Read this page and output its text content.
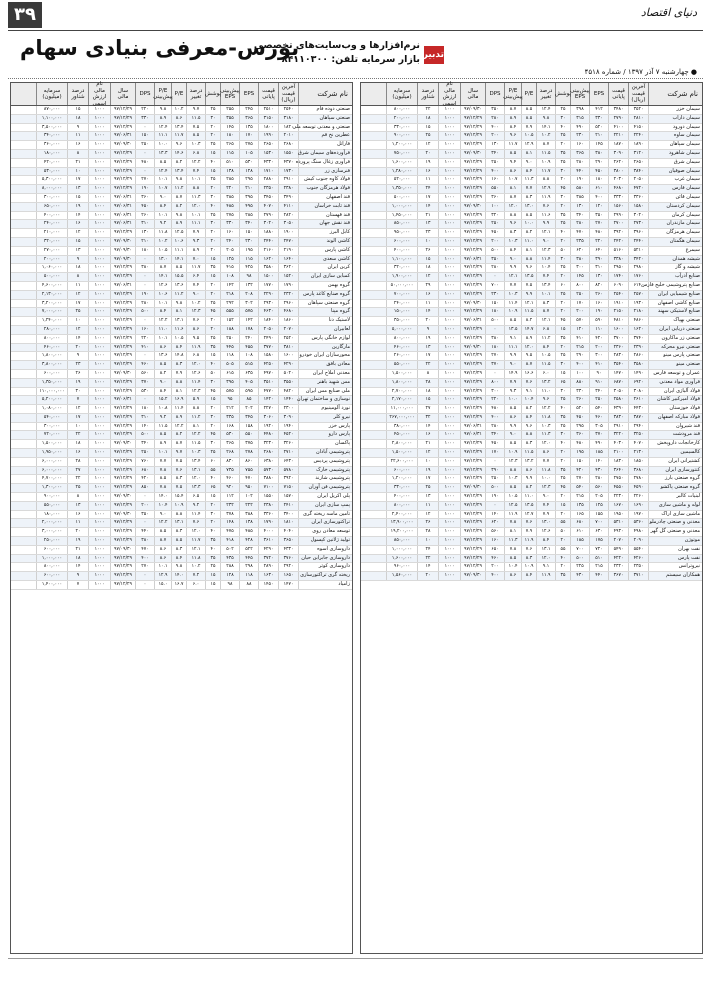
۳۹	دنیای اقتصاد
بورس-معرفی بنیادی سهام	تدبیر
نرم‌افزارها و وب‌سایت‌های تخصصی
بازار سرمایه تلفن: ۸۴۱۱۰۳۰۰
● چهارشنبه ۷ آذر ۱۳۹۷ / شماره ۴۵۱۸
نام شرکت
آخرین قیمت (ریال)
قیمت پایانی
EPS
پیش‌بینی EPS
پوشش
درصد تغییر
P/E
P/E پیش‌بینی
DPS
سال مالی
نام مالی ارزش اسمی
درصد شناور
سرمایه (میلیون)
سیمان خزر
۳۵۲۰
۳۴۸۰
۴۱۲
۳۹۸
۲۵
۱۲.۴
۸.۵
۸.۷
۳۵۰
۹۷/۰۹/۳۰
۱۰۰۰
۲۲
۸۰۰,۰۰۰
سیمان داراب
۲۸۱۰
۲۷۹۰
۳۳۰
۳۱۵
۳۰
۹.۸
۸.۵
۸.۹
۲۸۰
۹۷/۱۲/۲۹
۱۰۰۰
۱۸
۲۰۰,۰۰۰
سیمان دورود
۴۱۵۰
۴۱۰۰
۵۲۰
۴۹۰
۴۰
۱۴.۱
۷.۹
۸.۴
۴۰۰
۹۷/۱۲/۲۹
۱۰۰۰
۱۵
۳۳۰,۰۰۰
سیمان ساوه
۲۲۴۰
۲۲۱۰
۲۱۰
۲۳۰
۲۵
۱۰.۲
۱۰.۵
۹.۶
۲۰۰
۹۷/۱۲/۲۹
۱۰۰۰
۲۵
۹۰۰,۰۰۰
سیمان سپاهان
۱۸۹۰
۱۸۷۰
۱۴۵
۱۶۰
۲۰
۸.۷
۱۲.۹
۱۱.۷
۱۳۰
۹۷/۱۲/۲۹
۱۰۰۰
۱۲
۱,۲۰۰,۰۰۰
سیمان شاهرود
۳۱۲۰
۳۰۹۰
۳۸۰
۳۶۵
۳۵
۱۱.۵
۸.۱
۸.۵
۳۴۰
۹۷/۰۹/۳۰
۱۰۰۰
۲۰
۷۵۰,۰۰۰
سیمان شرق
۲۶۵۰
۲۶۲۰
۲۹۰
۲۸۰
۲۵
۱۰.۹
۹.۰
۹.۴
۲۵۰
۹۷/۱۲/۲۹
۱۰۰۰
۱۹
۱,۶۰۰,۰۰۰
سیمان صوفیان
۳۸۴۰
۳۸۰۰
۴۵۰
۴۴۰
۳۰
۱۱.۷
۸.۴
۸.۶
۴۰۰
۹۷/۱۲/۲۹
۱۰۰۰
۱۶
۱,۲۸۰,۰۰۰
سیمان غرب
۲۰۵۰
۲۰۳۰
۱۸۰
۱۹۰
۲۰
۸.۸
۱۱.۳
۱۰.۷
۱۶۰
۹۷/۱۲/۲۹
۱۰۰۰
۱۱
۵۲۰,۰۰۰
سیمان فارس
۴۷۲۰
۴۶۸۰
۶۱۰
۵۸۰
۴۵
۱۲.۹
۷.۷
۸.۱
۵۵۰
۹۷/۱۲/۲۹
۱۰۰۰
۲۴
۱,۳۵۰,۰۰۰
سیمان قائن
۳۳۶۰
۳۳۳۰
۴۰۰
۳۸۵
۳۰
۱۱.۹
۸.۳
۸.۷
۳۶۰
۹۷/۱۲/۲۹
۱۰۰۰
۱۷
۵۰۰,۰۰۰
سیمان کردستان
۱۵۸۰
۱۵۶۰
۱۲۰
۱۳۰
۲۰
۷.۶
۱۳.۰
۱۲.۰
۱۰۰
۹۷/۰۹/۳۰
۱۰۰۰
۱۴
۱,۰۰۰,۰۰۰
سیمان کرمان
۳۰۲۰
۲۹۹۰
۳۵۰
۳۴۰
۳۵
۱۱.۶
۸.۵
۸.۸
۳۲۰
۹۷/۱۲/۲۹
۱۰۰۰
۲۱
۱,۴۵۰,۰۰۰
سیمان مازندران
۲۷۳۰
۲۷۰۰
۲۷۰
۲۸۰
۲۵
۹.۹
۱۰.۰
۹.۶
۲۵۰
۹۷/۱۲/۲۹
۱۰۰۰
۱۳
۸۵۰,۰۰۰
سیمان هرمزگان
۳۹۶۰
۳۹۲۰
۴۸۰
۴۷۰
۴۰
۱۲.۱
۸.۲
۸.۳
۴۵۰
۹۷/۱۲/۲۹
۱۰۰۰
۲۳
۹۵۰,۰۰۰
سیمان هگمتان
۲۴۴۰
۲۴۲۰
۲۲۰
۲۳۵
۲۰
۹.۰
۱۱.۰
۱۰.۳
۲۰۰
۹۷/۱۲/۲۹
۱۰۰۰
۱۰
۶۰۰,۰۰۰
سیمرغ
۵۲۱۰
۵۱۶۰
۶۴۰
۶۲۰
۵۰
۱۲.۳
۸.۱
۸.۴
۵۰۰
۹۷/۱۲/۲۹
۱۰۰۰
۲۶
۴۰۰,۰۰۰
شیشه همدان
۳۴۲۰
۳۳۸۰
۳۹۰
۳۸۰
۳۰
۱۱.۴
۸.۸
۹.۰
۳۵۰
۹۷/۰۶/۳۱
۱۰۰۰
۱۵
۱,۱۰۰,۰۰۰
شیشه و گاز
۲۹۸۰
۲۹۵۰
۳۱۰
۳۰۰
۲۵
۱۰.۴
۹.۶
۹.۹
۲۸۰
۹۷/۱۲/۲۹
۱۰۰۰
۱۸
۳۲۰,۰۰۰
صنایع آذرآب
۱۷۶۰
۱۷۴۰
۱۳۰
۱۴۵
۲۰
۷.۴
۱۳.۵
۱۲.۱
۰
۹۷/۱۲/۲۹
۱۰۰۰
۱۲
۱,۹۰۰,۰۰۰
صنایع پتروشیمی خلیج فارس
۶۱۴۰
۶۰۹۰
۸۲۰
۸۰۰
۶۰
۱۳.۴
۷.۵
۷.۷
۷۰۰
۹۷/۱۲/۲۹
۱۰۰۰
۲۹
۵۰,۰۰۰,۰۰۰
صنایع شیمیایی ایران
۲۵۷۰
۲۵۴۰
۲۶۰
۲۵۰
۲۵
۱۰.۱
۹.۹
۱۰.۳
۲۳۰
۹۷/۱۲/۲۹
۱۰۰۰
۱۶
۷۰۰,۰۰۰
صنایع کاشی اصفهان
۱۹۳۰
۱۹۱۰
۱۶۰
۱۷۰
۲۰
۸.۳
۱۲.۱
۱۱.۴
۱۵۰
۹۷/۰۹/۳۰
۱۰۰۰
۱۱
۲۴۰,۰۰۰
صنایع لاستیکی سهند
۲۱۸۰
۲۱۵۰
۱۹۰
۲۰۰
۲۰
۸.۷
۱۱.۵
۱۰.۹
۱۸۰
۹۷/۱۲/۲۹
۱۰۰۰
۱۴
۱۵۰,۰۰۰
صنعتی بهپاک
۴۸۶۰
۴۸۱۰
۵۹۰
۵۷۰
۴۵
۱۲.۱
۸.۲
۸.۵
۵۰۰
۹۷/۰۶/۳۱
۱۰۰۰
۲۰
۳۵۰,۰۰۰
صنعتی دریایی ایران
۱۶۲۰
۱۶۰۰
۱۱۰
۱۲۰
۱۵
۶.۸
۱۴.۷
۱۳.۵
۰
۹۷/۱۲/۲۹
۱۰۰۰
۹
۵,۰۰۰,۰۰۰
صنعتی زر ماکارون
۳۷۴۰
۳۷۰۰
۴۲۰
۴۱۰
۳۵
۱۱.۲
۸.۹
۹.۱
۳۸۰
۹۷/۱۲/۲۹
۱۰۰۰
۱۹
۸۰۰,۰۰۰
صنعتی نیرو محرکه
۲۳۹۰
۲۳۶۰
۲۰۰
۲۱۵
۲۰
۸.۴
۱۲.۰
۱۱.۱
۱۸۰
۹۷/۰۹/۳۰
۱۰۰۰
۱۳
۴۶۰,۰۰۰
صنعتی پارس مینو
۲۸۶۰
۲۸۳۰
۳۰۰
۲۹۰
۲۵
۱۰.۵
۹.۵
۹.۹
۲۷۰
۹۷/۱۲/۲۹
۱۰۰۰
۱۷
۲۶۰,۰۰۰
صنعتی مینو
۳۵۸۰
۳۵۴۰
۴۱۰
۴۰۰
۳۰
۱۱.۵
۸.۷
۹.۰
۳۷۰
۹۷/۱۲/۲۹
۱۰۰۰
۲۲
۵۵۰,۰۰۰
عمران و توسعه فارس
۱۴۹۰
۱۴۷۰
۹۰
۱۰۰
۱۵
۶.۰
۱۶.۶
۱۴.۹
۰
۹۷/۱۲/۲۹
۱۰۰۰
۸
۱,۵۰۰,۰۰۰
فرآوری مواد معدنی
۶۹۲۰
۶۸۷۰
۹۱۰
۸۸۰
۶۵
۱۳.۲
۷.۶
۷.۹
۸۰۰
۹۷/۱۲/۲۹
۱۰۰۰
۲۸
۱,۸۰۰,۰۰۰
فولاد آلیاژی ایران
۳۰۸۰
۳۰۵۰
۳۴۰
۳۳۰
۳۰
۱۱.۰
۹.۱
۹.۳
۳۰۰
۹۷/۱۲/۲۹
۱۰۰۰
۱۸
۲,۷۰۰,۰۰۰
فولاد امیرکبیر کاشان
۲۶۱۰
۲۵۸۰
۲۵۰
۲۶۰
۲۵
۹.۶
۱۰.۴
۱۰.۰
۲۲۰
۹۷/۱۲/۲۹
۱۰۰۰
۱۵
۲,۱۷۰,۰۰۰
فولاد خوزستان
۴۴۳۰
۴۳۹۰
۵۴۰
۵۲۰
۴۰
۱۲.۲
۸.۲
۸.۵
۴۸۰
۹۷/۱۲/۲۹
۱۰۰۰
۲۷
۱۱,۰۰۰,۰۰۰
فولاد مبارکه اصفهان
۳۸۷۰
۳۸۳۰
۴۶۰
۴۵۰
۳۵
۱۱.۸
۸.۴
۸.۶
۴۰۰
۹۷/۱۲/۲۹
۱۰۰۰
۳۲
۲۶۷,۰۰۰,۰۰۰
قند شیروان
۲۹۴۰
۲۹۱۰
۳۰۵
۲۹۵
۲۵
۱۰.۳
۹.۶
۹.۹
۲۸۰
۹۷/۰۶/۳۱
۱۰۰۰
۱۴
۳۸۰,۰۰۰
قند مرودشت
۳۲۵۰
۳۲۲۰
۳۷۰
۳۶۰
۳۰
۱۱.۳
۸.۸
۹.۰
۳۴۰
۹۷/۰۶/۳۱
۱۰۰۰
۱۶
۴۵۰,۰۰۰
کارخانجات داروپخش
۴۰۷۰
۴۰۳۰
۴۹۰
۴۸۰
۴۰
۱۲.۰
۸.۳
۸.۵
۴۵۰
۹۷/۱۲/۲۹
۱۰۰۰
۲۱
۲,۸۰۰,۰۰۰
کالسیمین
۲۱۳۰
۲۱۰۰
۱۸۵
۱۹۵
۲۰
۸.۶
۱۱.۵
۱۰.۹
۱۷۰
۹۷/۱۲/۲۹
۱۰۰۰
۱۲
۱,۵۰۰,۰۰۰
کشتیرانی ایران
۱۸۵۰
۱۸۳۰
۱۴۰
۱۵۰
۲۰
۷.۷
۱۳.۲
۱۲.۳
۰
۹۷/۱۲/۲۹
۱۰۰۰
۱۰
۲۲,۶۰۰,۰۰۰
کنتورسازی ایران
۳۶۸۰
۳۶۴۰
۴۳۰
۴۲۰
۳۵
۱۱.۸
۸.۶
۸.۸
۳۹۰
۹۷/۱۲/۲۹
۱۰۰۰
۱۹
۶۰۰,۰۰۰
گروه صنعتی بارز
۲۷۸۰
۲۷۵۰
۲۸۰
۲۷۰
۲۵
۱۰.۰
۹.۹
۱۰.۳
۲۵۰
۹۷/۱۲/۲۹
۱۰۰۰
۱۷
۱,۲۰۰,۰۰۰
گروه صنعتی پاکشو
۴۵۹۰
۴۵۵۰
۵۶۰
۵۴۰
۴۵
۱۲.۳
۸.۲
۸.۵
۵۰۰
۹۷/۰۹/۳۰
۱۰۰۰
۲۵
۳۳۰,۰۰۰
لبنیات کالبر
۲۲۶۰
۲۲۳۰
۲۰۵
۲۱۵
۲۰
۹.۰
۱۱.۰
۱۰.۵
۱۹۰
۹۷/۱۲/۲۹
۱۰۰۰
۱۳
۴۰۰,۰۰۰
لوله و ماشین سازی
۱۶۹۰
۱۶۷۰
۱۲۵
۱۳۵
۱۵
۷.۴
۱۳.۵
۱۲.۵
۰
۹۷/۱۲/۲۹
۱۰۰۰
۱۱
۸۰۰,۰۰۰
ماشین سازی اراک
۱۹۷۰
۱۹۵۰
۱۵۵
۱۶۵
۲۰
۷.۹
۱۲.۷
۱۱.۹
۱۴۰
۹۷/۱۲/۲۹
۱۰۰۰
۱۲
۲,۴۰۰,۰۰۰
معدنی و صنعتی چادرملو
۵۳۶۰
۵۳۱۰
۷۰۰
۶۸۰
۵۵
۱۳.۰
۷.۶
۷.۸
۶۲۰
۹۷/۱۲/۲۹
۱۰۰۰
۲۶
۱۳,۹۰۰,۰۰۰
معدنی و صنعتی گل گهر
۴۹۸۰
۴۹۳۰
۶۳۰
۶۱۰
۵۰
۱۲.۶
۷.۹
۸.۱
۵۶۰
۹۷/۱۲/۲۹
۱۰۰۰
۲۸
۱۹,۲۰۰,۰۰۰
موتوژن
۲۰۹۰
۲۰۷۰
۱۷۵
۱۸۵
۲۰
۸.۴
۱۱.۹
۱۱.۳
۱۶۰
۹۷/۱۲/۲۹
۱۰۰۰
۱۰
۸۵۰,۰۰۰
نفت بهران
۵۵۴۰
۵۴۹۰
۷۲۰
۷۰۰
۵۵
۱۳.۱
۷.۶
۷.۸
۶۵۰
۹۷/۱۲/۲۹
۱۰۰۰
۲۴
۱,۰۰۰,۰۰۰
نفت پارس
۴۲۶۰
۴۲۲۰
۵۱۰
۵۰۰
۴۰
۱۲.۰
۸.۳
۸.۵
۴۶۰
۹۷/۱۲/۲۹
۱۰۰۰
۲۲
۱,۶۰۰,۰۰۰
نیروترانس
۲۳۵۰
۲۳۲۰
۲۱۵
۲۲۵
۲۰
۹.۱
۱۰.۹
۱۰.۴
۲۰۰
۹۷/۱۲/۲۹
۱۰۰۰
۱۴
۹۶۰,۰۰۰
همکاران سیستم
۳۷۱۰
۳۶۷۰
۴۴۰
۴۳۰
۳۵
۱۱.۹
۸.۴
۸.۶
۴۰۰
۹۷/۰۹/۳۰
۱۰۰۰
۲۰
۱,۵۶۰,۰۰۰
نام شرکت
آخرین قیمت (ریال)
قیمت پایانی
EPS
پیش‌بینی EPS
پوشش
درصد تغییر
P/E
P/E پیش‌بینی
DPS
سال مالی
نام مالی ارزش اسمی
درصد شناور
سرمایه (میلیون)
صنعتی دوده فام
۲۵۴۰
۲۵۱۰
۲۴۵
۲۵۵
۲۵
۹.۷
۱۰.۲
۹.۸
۲۲۰
۹۷/۱۲/۲۹
۱۰۰۰
۱۵
۸۷۰,۰۰۰
صنعتی سپاهان
۳۱۸۰
۳۱۵۰
۳۶۵
۳۵۵
۳۰
۱۱.۵
۸.۶
۸.۹
۳۳۰
۹۷/۱۲/۲۹
۱۰۰۰
۱۸
۱,۱۰۰,۰۰۰
صنعتی و معدنی توسعه ملی
۱۸۲۰
۱۸۰۰
۱۳۵
۱۴۵
۲۰
۷.۵
۱۳.۴
۱۲.۴
۰
۹۷/۱۲/۲۹
۱۰۰۰
۹
۳,۵۰۰,۰۰۰
عطرین نخ قم
۲۰۱۰
۱۹۹۰
۱۷۰
۱۸۰
۲۰
۸.۵
۱۱.۷
۱۱.۱
۱۵۰
۹۷/۰۶/۳۱
۱۰۰۰
۱۱
۳۴۰,۰۰۰
فاراتل
۲۶۸۰
۲۶۵۰
۲۷۵
۲۶۵
۲۵
۱۰.۳
۹.۶
۱۰.۰
۲۵۰
۹۷/۰۹/۳۰
۱۰۰۰
۱۶
۳۶۰,۰۰۰
فرآورده‌های سیمان شرق
۱۵۵۰
۱۵۳۰
۱۰۵
۱۱۵
۱۵
۶.۸
۱۴.۶
۱۳.۳
۰
۹۷/۱۲/۲۹
۱۰۰۰
۸
۱۸۰,۰۰۰
فرآوری زغال سنگ پرورده
۴۳۷۰
۴۳۳۰
۵۳۰
۵۱۰
۴۰
۱۲.۲
۸.۲
۸.۵
۴۸۰
۹۷/۱۲/۲۹
۱۰۰۰
۲۱
۴۲۰,۰۰۰
فنرسازی زر
۱۷۳۰
۱۷۱۰
۱۲۸
۱۳۸
۱۵
۷.۴
۱۳.۴
۱۲.۴
۰
۹۷/۱۲/۲۹
۱۰۰۰
۱۰
۵۳۰,۰۰۰
فولاد کاوه جنوب کیش
۲۹۱۰
۲۸۸۰
۲۹۵
۲۸۵
۲۵
۱۰.۱
۹.۸
۱۰.۱
۲۷۰
۹۷/۱۲/۲۹
۱۰۰۰
۱۷
۵,۳۰۰,۰۰۰
فولاد هرمزگان جنوب
۲۳۸۰
۲۳۵۰
۲۱۰
۲۲۰
۲۰
۸.۸
۱۱.۲
۱۰.۷
۱۹۰
۹۷/۱۲/۲۹
۱۰۰۰
۱۳
۸,۰۰۰,۰۰۰
قند اصفهان
۳۴۹۰
۳۴۵۰
۳۹۵
۳۸۵
۳۰
۱۱.۳
۸.۷
۹.۰
۳۶۰
۹۷/۰۶/۳۱
۱۰۰۰
۱۵
۳۰۰,۰۰۰
قند ثابت خراسان
۴۱۱۰
۴۰۷۰
۴۹۵
۴۸۵
۴۰
۱۲.۰
۸.۲
۸.۴
۴۵۰
۹۷/۰۶/۳۱
۱۰۰۰
۱۹
۶۵۰,۰۰۰
قند قهستان
۲۸۲۰
۲۷۹۰
۲۸۵
۲۷۵
۲۵
۱۰.۱
۹.۸
۱۰.۱
۲۶۰
۹۷/۰۶/۳۱
۱۰۰۰
۱۴
۴۰۰,۰۰۰
قند نقش جهان
۳۰۵۰
۳۰۲۰
۳۴۰
۳۳۰
۳۰
۱۱.۱
۸.۹
۹.۲
۳۱۰
۹۷/۰۶/۳۱
۱۰۰۰
۱۶
۲۴۰,۰۰۰
کابل البرز
۱۹۰۰
۱۸۸۰
۱۵۰
۱۶۰
۲۰
۷.۹
۱۲.۵
۱۱.۸
۱۳۰
۹۷/۱۲/۲۹
۱۰۰۰
۱۲
۲۱۰,۰۰۰
کاشی الوند
۲۴۷۰
۲۴۴۰
۲۳۰
۲۴۰
۲۰
۹.۳
۱۰.۶
۱۰.۲
۲۱۰
۹۷/۰۹/۳۰
۱۰۰۰
۱۵
۳۲۰,۰۰۰
کاشی پارس
۲۱۹۰
۲۱۶۰
۱۹۵
۲۰۵
۲۰
۸.۹
۱۱.۱
۱۰.۵
۱۸۰
۹۷/۰۹/۳۰
۱۰۰۰
۱۳
۲۷۰,۰۰۰
کاشی سعدی
۱۶۴۰
۱۶۲۰
۱۱۵
۱۲۵
۱۵
۷.۰
۱۴.۱
۱۳.۰
۰
۹۷/۰۹/۳۰
۱۰۰۰
۹
۲۰۰,۰۰۰
کربن ایران
۳۶۲۰
۳۵۸۰
۴۲۵
۴۱۵
۳۵
۱۱.۷
۸.۵
۸.۷
۳۸۰
۹۷/۱۲/۲۹
۱۰۰۰
۱۸
۱,۰۶۰,۰۰۰
کمباین سازی ایران
۱۵۲۰
۱۵۰۰
۹۸
۱۰۸
۱۵
۶.۴
۱۵.۵
۱۴.۱
۰
۹۷/۱۲/۲۹
۱۰۰۰
۸
۵۰۰,۰۰۰
گروه بهمن
۱۷۹۰
۱۷۷۰
۱۳۲
۱۴۲
۲۰
۷.۴
۱۳.۶
۱۲.۶
۰
۹۷/۰۶/۳۱
۱۰۰۰
۱۱
۴,۶۰۰,۰۰۰
گروه صنایع کاغذ پارس
۲۳۲۰
۲۲۹۰
۲۰۸
۲۱۸
۲۰
۹.۰
۱۱.۲
۱۰.۶
۱۹۰
۹۷/۱۲/۲۹
۱۰۰۰
۱۲
۲,۱۳۰,۰۰۰
گروه صنعتی سپاهان
۲۹۶۰
۲۹۳۰
۳۰۲
۲۹۲
۲۵
۱۰.۲
۹.۸
۱۰.۱
۲۸۰
۹۷/۱۲/۲۹
۱۰۰۰
۱۷
۳,۲۰۰,۰۰۰
گروه مپنا
۴۶۸۰
۴۶۳۰
۵۷۵
۵۵۵
۴۵
۱۲.۳
۸.۱
۸.۴
۵۰۰
۹۷/۱۲/۲۹
۱۰۰۰
۲۵
۷,۰۰۰,۰۰۰
لاستیک دنا
۱۸۶۰
۱۸۴۰
۱۴۲
۱۵۲
۲۰
۷.۶
۱۳.۱
۱۲.۲
۰
۹۷/۱۲/۲۹
۱۰۰۰
۱۰
۱,۲۴۰,۰۰۰
لعابیران
۲۰۷۰
۲۰۵۰
۱۷۸
۱۸۸
۲۰
۸.۶
۱۱.۶
۱۱.۰
۱۶۰
۹۷/۱۲/۲۹
۱۰۰۰
۱۲
۲۸۰,۰۰۰
لوازم خانگی پارس
۲۵۲۰
۲۴۹۰
۲۴۰
۲۵۰
۲۵
۹.۵
۱۰.۵
۱۰.۱
۲۲۰
۹۷/۱۲/۲۹
۱۰۰۰
۱۴
۸۰۰,۰۰۰
مارگارین
۳۸۱۰
۳۷۷۰
۴۵۵
۴۴۵
۳۵
۱۱.۹
۸.۴
۸.۶
۴۱۰
۹۷/۱۲/۲۹
۱۰۰۰
۲۰
۴۶۰,۰۰۰
محورسازان ایران خودرو
۱۶۰۰
۱۵۸۰
۱۰۸
۱۱۸
۱۵
۶.۸
۱۴.۸
۱۳.۶
۰
۹۷/۱۲/۲۹
۱۰۰۰
۹
۱,۸۰۰,۰۰۰
معادن بافق
۴۲۹۰
۴۲۵۰
۵۱۵
۵۰۵
۴۰
۱۲.۰
۸.۳
۸.۵
۴۶۰
۹۷/۱۲/۲۹
۱۰۰۰
۲۳
۳,۸۰۰,۰۰۰
معدنی املاح ایران
۵۰۲۰
۴۹۷۰
۶۳۵
۶۱۵
۵۰
۱۲.۶
۷.۹
۸.۲
۵۶۰
۹۷/۰۹/۳۰
۱۰۰۰
۲۶
۶۰۰,۰۰۰
مس شهید باهنر
۳۵۵۰
۳۵۱۰
۴۰۵
۳۹۵
۳۰
۱۱.۴
۸.۸
۹.۰
۳۷۰
۹۷/۱۲/۲۹
۱۰۰۰
۱۹
۱,۳۵۰,۰۰۰
ملی صنایع مس ایران
۴۸۲۰
۴۷۷۰
۵۹۵
۵۷۵
۴۵
۱۲.۳
۸.۱
۸.۴
۵۳۰
۹۷/۱۲/۲۹
۱۰۰۰
۳۰
۱۱۰,۰۰۰,۰۰۰
نوسازی و ساختمان تهران
۱۴۴۰
۱۴۲۰
۸۵
۹۵
۱۵
۵.۹
۱۶.۹
۱۵.۲
۰
۹۷/۰۶/۳۱
۱۰۰۰
۷
۵,۲۰۰,۰۰۰
نورد آلومینیوم
۲۳۰۰
۲۲۷۰
۲۰۲
۲۱۲
۲۰
۸.۸
۱۱.۴
۱۰.۸
۱۸۰
۹۷/۱۲/۲۹
۱۰۰۰
۱۲
۱,۰۸۰,۰۰۰
نیرو کلر
۳۰۹۰
۳۰۶۰
۳۴۵
۳۳۵
۳۰
۱۱.۲
۸.۹
۹.۲
۳۱۰
۹۷/۱۲/۲۹
۱۰۰۰
۱۷
۵۴۰,۰۰۰
پارس خزر
۱۹۴۰
۱۹۲۰
۱۵۸
۱۶۸
۲۰
۸.۱
۱۲.۲
۱۱.۵
۱۴۰
۹۷/۱۲/۲۹
۱۰۰۰
۱۰
۳۰۰,۰۰۰
پارس دارو
۴۵۲۰
۴۴۸۰
۵۵۰
۵۳۰
۴۵
۱۲.۲
۸.۲
۸.۵
۵۰۰
۹۷/۱۲/۲۹
۱۰۰۰
۲۲
۷۲۰,۰۰۰
پاکسان
۳۲۶۰
۳۲۳۰
۳۷۵
۳۶۵
۳۰
۱۱.۵
۸.۷
۸.۹
۳۴۰
۹۷/۰۹/۳۰
۱۰۰۰
۱۸
۱,۵۰۰,۰۰۰
پتروشیمی آبادان
۲۷۱۰
۲۶۸۰
۲۷۸
۲۶۸
۲۵
۱۰.۳
۹.۷
۱۰.۱
۲۵۰
۹۷/۱۲/۲۹
۱۰۰۰
۱۶
۱,۹۵۰,۰۰۰
پتروشیمی پردیس
۶۴۳۰
۶۳۸۰
۸۶۰
۸۳۰
۶۰
۱۳.۴
۷.۵
۷.۷
۷۶۰
۹۷/۱۲/۲۹
۱۰۰۰
۲۸
۶,۰۰۰,۰۰۰
پتروشیمی خارک
۵۷۸۰
۵۷۳۰
۷۵۵
۷۳۵
۵۵
۱۳.۱
۷.۶
۷.۸
۶۸۰
۹۷/۱۲/۲۹
۱۰۰۰
۲۷
۶,۰۰۰,۰۰۰
پتروشیمی شازند
۳۹۲۰
۳۸۸۰
۴۷۰
۴۶۰
۴۰
۱۲.۰
۸.۳
۸.۵
۴۲۰
۹۷/۱۲/۲۹
۱۰۰۰
۲۲
۴,۷۰۰,۰۰۰
پتروشیمی فن آوران
۷۱۵۰
۷۱۰۰
۹۵۰
۹۲۰
۶۵
۱۳.۳
۷.۵
۷.۸
۸۵۰
۹۷/۱۲/۲۹
۱۰۰۰
۲۵
۱,۳۰۰,۰۰۰
پلی اکریل ایران
۱۵۷۰
۱۵۵۰
۱۰۲
۱۱۲
۱۵
۶.۵
۱۵.۴
۱۴.۰
۰
۹۷/۰۹/۳۰
۱۰۰۰
۸
۹۰۰,۰۰۰
پمپ سازی ایران
۲۴۱۰
۲۳۸۰
۲۲۲
۲۳۲
۲۰
۹.۲
۱۰.۹
۱۰.۴
۲۰۰
۹۷/۱۲/۲۹
۱۰۰۰
۱۳
۵۵۰,۰۰۰
تامین ماسه ریخته گری
۳۴۰۰
۳۳۶۰
۳۸۸
۳۷۸
۳۰
۱۱.۴
۸.۸
۹.۰
۳۵۰
۹۷/۰۹/۳۰
۱۰۰۰
۱۶
۱۸۰,۰۰۰
تراکتورسازی ایران
۱۸۱۰
۱۷۹۰
۱۳۸
۱۴۸
۲۰
۷.۶
۱۳.۱
۱۲.۲
۰
۹۷/۱۲/۲۹
۱۰۰۰
۱۱
۲,۰۰۰,۰۰۰
توسعه معادن روی
۴۰۴۰
۴۰۰۰
۴۸۵
۴۷۵
۴۰
۱۲.۰
۸.۳
۸.۵
۴۴۰
۹۷/۱۲/۲۹
۱۰۰۰
۲۰
۳,۰۰۰,۰۰۰
تولید ژلاتین کپسول
۳۶۵۰
۳۶۱۰
۴۲۸
۴۱۸
۳۵
۱۱.۷
۸.۵
۸.۷
۳۸۰
۹۷/۱۲/۲۹
۱۰۰۰
۱۹
۲۵۰,۰۰۰
داروسازی اسوه
۴۳۳۰
۴۲۹۰
۵۲۲
۵۰۲
۴۰
۱۲.۱
۸.۳
۸.۶
۴۷۰
۹۷/۰۹/۳۰
۱۰۰۰
۲۱
۶۰۰,۰۰۰
داروسازی جابرابن حیان
۳۷۶۰
۳۷۲۰
۴۴۵
۴۳۵
۳۵
۱۱.۸
۸.۴
۸.۶
۴۰۰
۹۷/۱۲/۲۹
۱۰۰۰
۱۸
۱,۰۰۰,۰۰۰
داروسازی کوثر
۲۹۲۰
۲۸۹۰
۲۹۸
۲۸۸
۲۵
۱۰.۲
۹.۸
۱۰.۱
۲۷۰
۹۷/۱۲/۲۹
۱۰۰۰
۱۴
۸۰۰,۰۰۰
ریخته گری تراکتورسازی
۱۶۵۰
۱۶۳۰
۱۱۸
۱۲۸
۱۵
۷.۲
۱۴.۰
۱۲.۹
۰
۹۷/۱۲/۲۹
۱۰۰۰
۹
۶۰۰,۰۰۰
زامیاد
۱۴۷۰
۱۴۵۰
۸۸
۹۸
۱۵
۶.۰
۱۶.۷
۱۵.۰
۰
۹۷/۱۲/۲۹
۱۰۰۰
۷
۱,۴۰۰,۰۰۰
